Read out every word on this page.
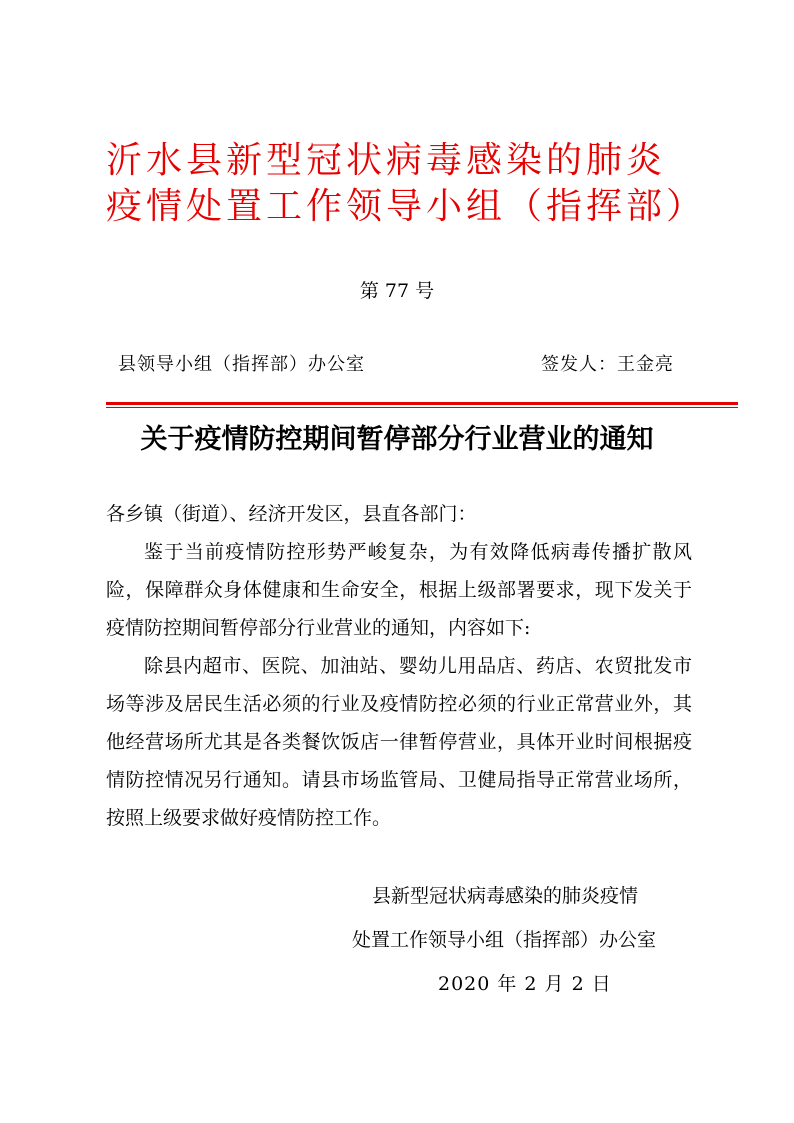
沂水县新型冠状病毒感染的肺炎
疫情处置工作领导小组（指挥部）
第 77 号
县领导小组（指挥部）办公室	签发人：王金亮
关于疫情防控期间暂停部分行业营业的通知

各乡镇（街道）、经济开发区，县直各部门：

鉴于当前疫情防控形势严峻复杂，为有效降低病毒传播扩散风险，保障群众身体健康和生命安全，根据上级部署要求，现下发关于疫情防控期间暂停部分行业营业的通知，内容如下:

除县内超市、医院、加油站、婴幼儿用品店、药店、农贸批发市场等涉及居民生活必须的行业及疫情防控必须的行业正常营业外，其他经营场所尤其是各类餐饮饭店一律暂停营业，具体开业时间根据疫情防控情况另行通知。请县市场监管局、卫健局指导正常营业场所，按照上级要求做好疫情防控工作。

县新型冠状病毒感染的肺炎疫情
处置工作领导小组（指挥部）办公室
2020 年 2 月 2 日
